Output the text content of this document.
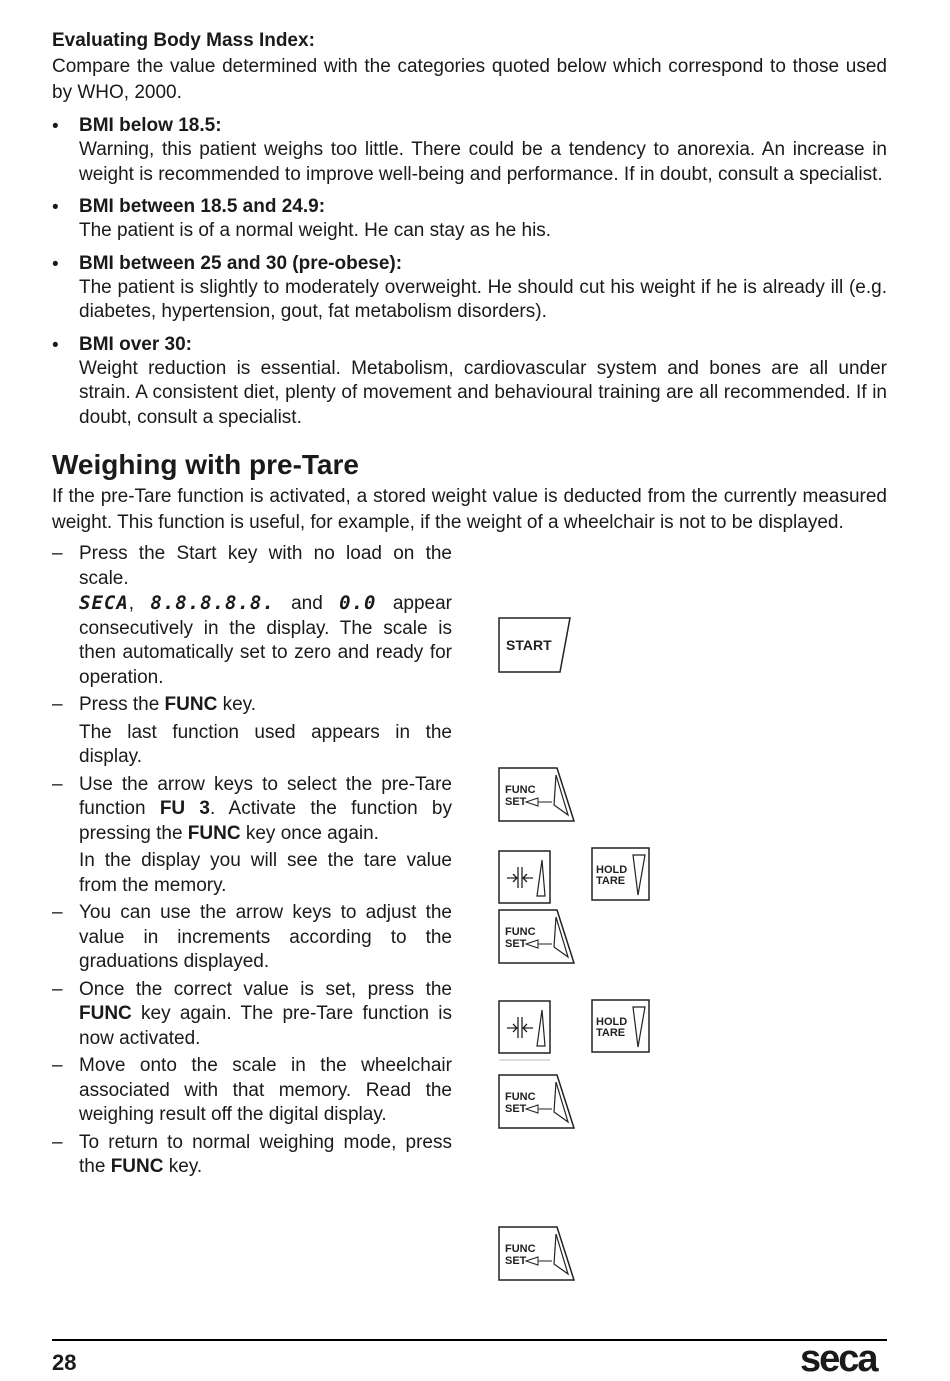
Evaluating Body Mass Index:

Compare the value determined with the categories quoted below which correspond to those used by WHO, 2000.

• BMI below 18.5:
Warning, this patient weighs too little. There could be a tendency to anorexia. An increase in weight is recommended to improve well-being and performance. If in doubt, consult a specialist.
• BMI between 18.5 and 24.9:
The patient is of a normal weight. He can stay as he his.
• BMI between 25 and 30 (pre-obese):
The patient is slightly to moderately overweight. He should cut his weight if he is already ill (e.g. diabetes, hypertension, gout, fat metabolism disorders).
• BMI over 30:
Weight reduction is essential. Metabolism, cardiovascular system and bones are all under strain. A consistent diet, plenty of movement and behavioural training are all recommended. If in doubt, consult a specialist.
Weighing with pre-Tare

If the pre-Tare function is activated, a stored weight value is deducted from the currently measured weight. This function is useful, for example, if the weight of a wheelchair is not to be displayed.

– Press the Start key with no load on the scale.
SECA, 8.8.8.8.8. and 0.0 appear consecutively in the display. The scale is then automatically set to zero and ready for operation.
– Press the FUNC key.
The last function used appears in the display.
– Use the arrow keys to select the pre-Tare function FU 3. Activate the function by pressing the FUNC key once again.
In the display you will see the tare value from the memory.
– You can use the arrow keys to adjust the value in increments according to the graduations displayed.
– Once the correct value is set, press the FUNC key again. The pre-Tare function is now activated.
– Move onto the scale in the wheelchair associated with that memory. Read the weighing result off the digital display.
– To return to normal weighing mode, press the FUNC key.
START
FUNC
SET
HOLD
TARE
FUNC
SET
HOLD
TARE
FUNC
SET
FUNC
SET
28	seca
